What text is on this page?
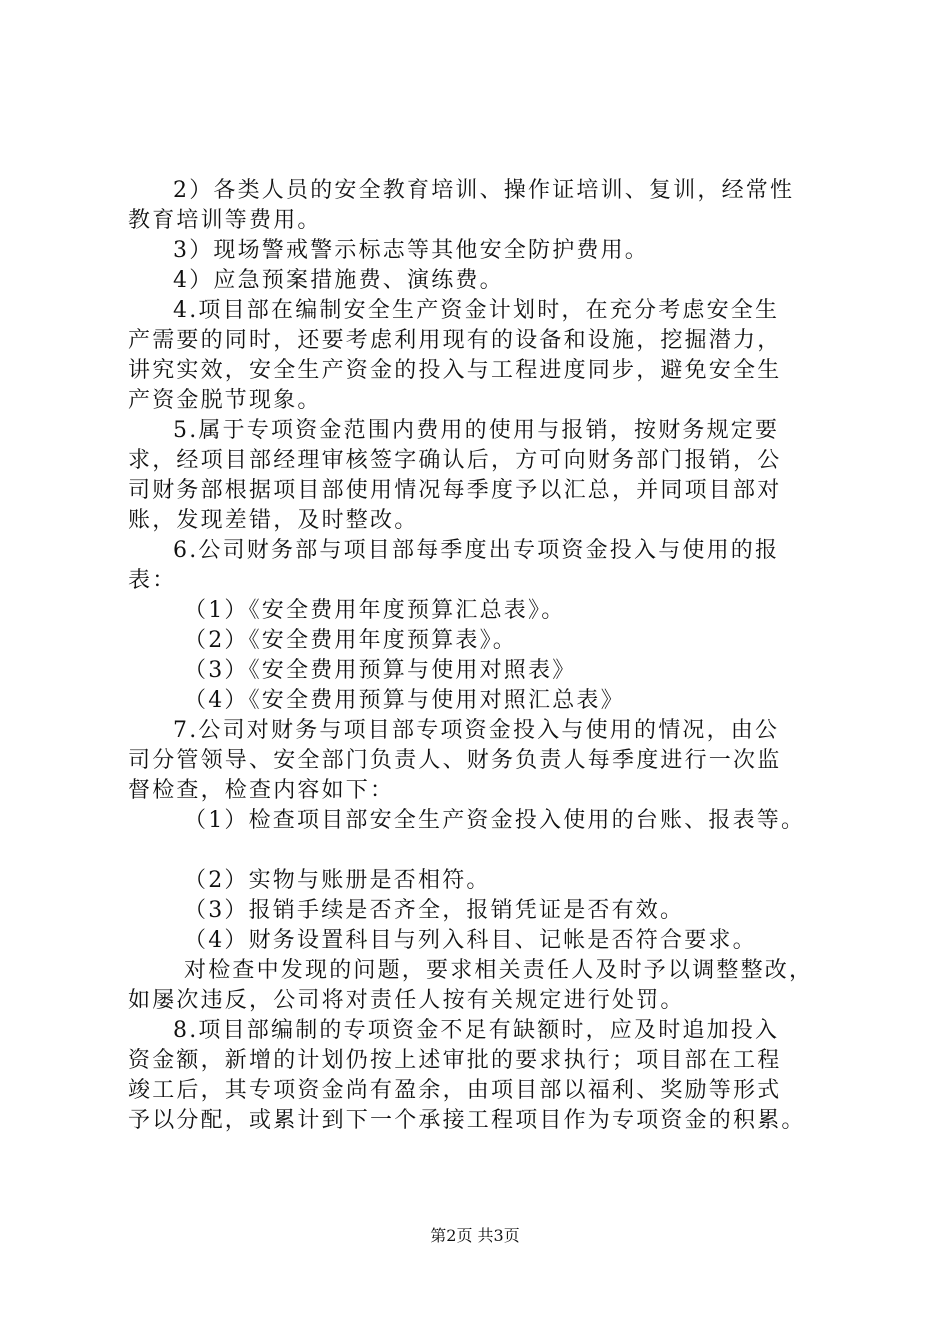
2）各类人员的安全教育培训、操作证培训、复训，经常性
教育培训等费用。
3）现场警戒警示标志等其他安全防护费用。
4）应急预案措施费、演练费。
4.项目部在编制安全生产资金计划时，在充分考虑安全生
产需要的同时，还要考虑利用现有的设备和设施，挖掘潜力，
讲究实效，安全生产资金的投入与工程进度同步，避免安全生
产资金脱节现象。
5.属于专项资金范围内费用的使用与报销，按财务规定要
求，经项目部经理审核签字确认后，方可向财务部门报销，公
司财务部根据项目部使用情况每季度予以汇总，并同项目部对
账，发现差错，及时整改。
6.公司财务部与项目部每季度出专项资金投入与使用的报
表：
（1）《安全费用年度预算汇总表》。
（2）《安全费用年度预算表》。
（3）《安全费用预算与使用对照表》
（4）《安全费用预算与使用对照汇总表》
7.公司对财务与项目部专项资金投入与使用的情况，由公
司分管领导、安全部门负责人、财务负责人每季度进行一次监
督检查，检查内容如下：
（1）检查项目部安全生产资金投入使用的台账、报表等。
（2）实物与账册是否相符。
（3）报销手续是否齐全，报销凭证是否有效。
（4）财务设置科目与列入科目、记帐是否符合要求。
对检查中发现的问题，要求相关责任人及时予以调整整改，
如屡次违反，公司将对责任人按有关规定进行处罚。
8.项目部编制的专项资金不足有缺额时，应及时追加投入
资金额，新增的计划仍按上述审批的要求执行；项目部在工程
竣工后，其专项资金尚有盈余，由项目部以福利、奖励等形式
予以分配，或累计到下一个承接工程项目作为专项资金的积累。
第2页 共3页
